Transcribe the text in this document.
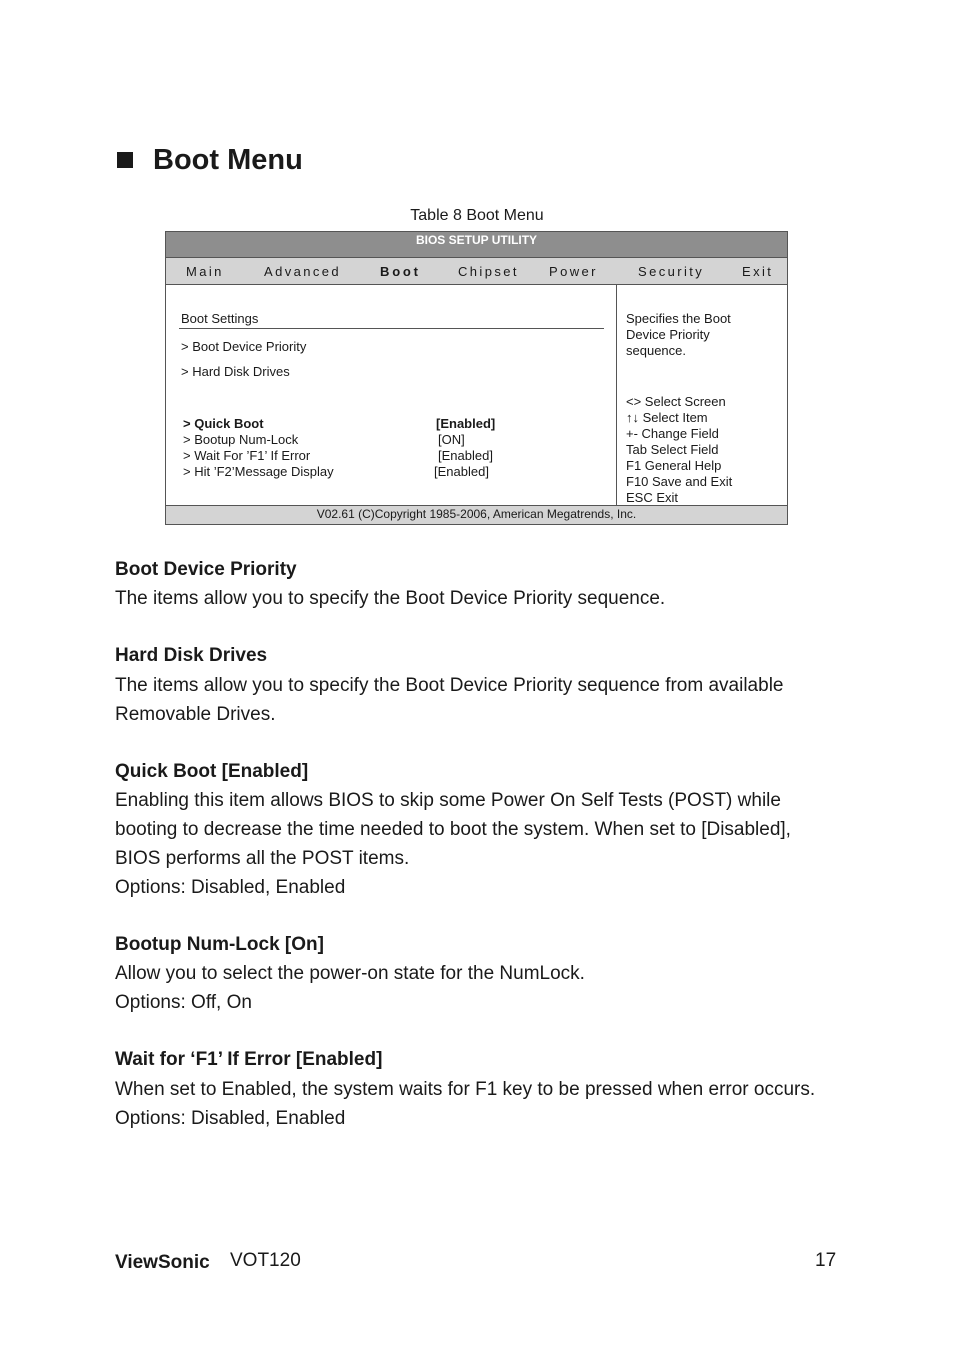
Boot Menu
Table 8 Boot Menu
BIOS SETUP UTILITY
Main	Advanced	Boot	Chipset Power	Security	Exit
Boot Settings
> Boot Device Priority
> Hard Disk Drives
> Quick Boot	[Enabled]
> Bootup Num-Lock	[ON]
> Wait For ’F1’ If Error	[Enabled]
> Hit ’F2’Message Display	[Enabled]
Specifies the Boot
Device Priority
sequence.
<> Select Screen
↑↓ Select Item
+- Change Field
Tab Select Field
F1 General Help
F10 Save and Exit
ESC Exit
V02.61 (C)Copyright 1985-2006, American Megatrends, Inc.
Boot Device Priority
The items allow you to specify the Boot Device Priority sequence.
Hard Disk Drives
The items allow you to specify the Boot Device Priority sequence from available
Removable Drives.
Quick Boot [Enabled]
Enabling this item allows BIOS to skip some Power On Self Tests (POST) while
booting to decrease the time needed to boot the system. When set to [Disabled],
BIOS performs all the POST items.
Options: Disabled, Enabled
Bootup Num-Lock [On]
Allow you to select the power-on state for the NumLock.
Options: Off, On
Wait for ‘F1’ If Error [Enabled]
When set to Enabled, the system waits for F1 key to be pressed when error occurs.
Options: Disabled, Enabled
ViewSonic VOT120	17
